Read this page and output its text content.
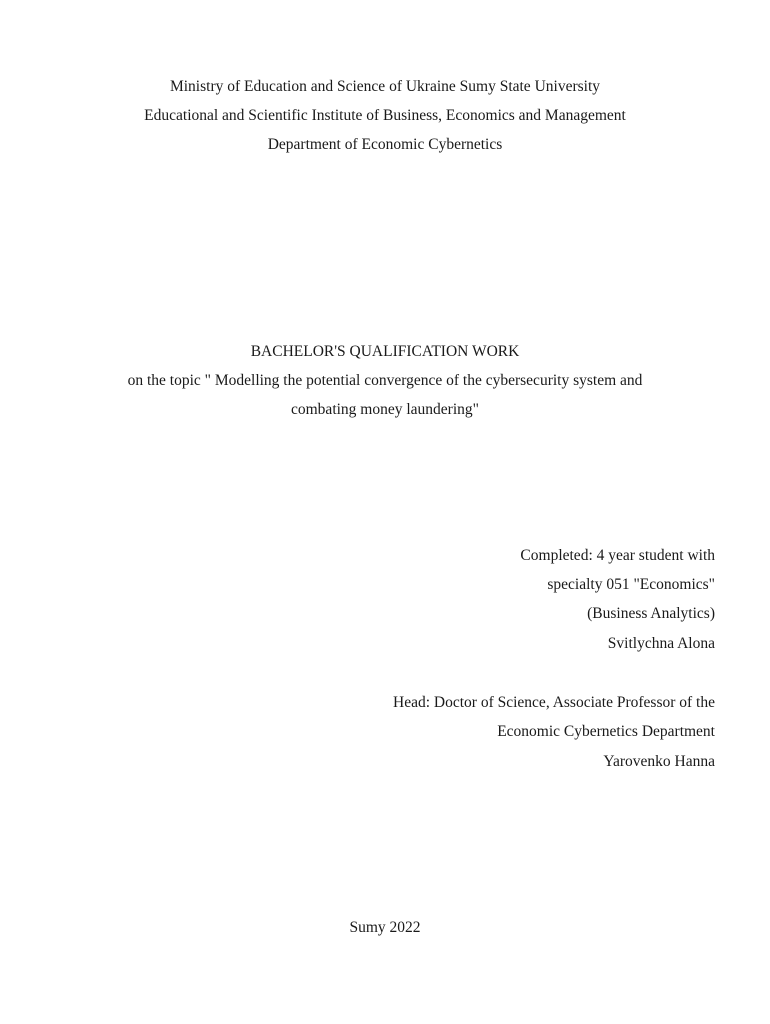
Ministry of Education and Science of Ukraine Sumy State University
Educational and Scientific Institute of Business, Economics and Management
Department of Economic Cybernetics
BACHELOR'S QUALIFICATION WORK
on the topic " Modelling the potential convergence of the cybersecurity system and
combating money laundering"
Completed: 4 year student with
specialty 051 "Economics"
(Business Analytics)
Svitlychna Alona
Head: Doctor of Science, Associate Professor of the
Economic Cybernetics Department
Yarovenko Hanna
Sumy 2022
